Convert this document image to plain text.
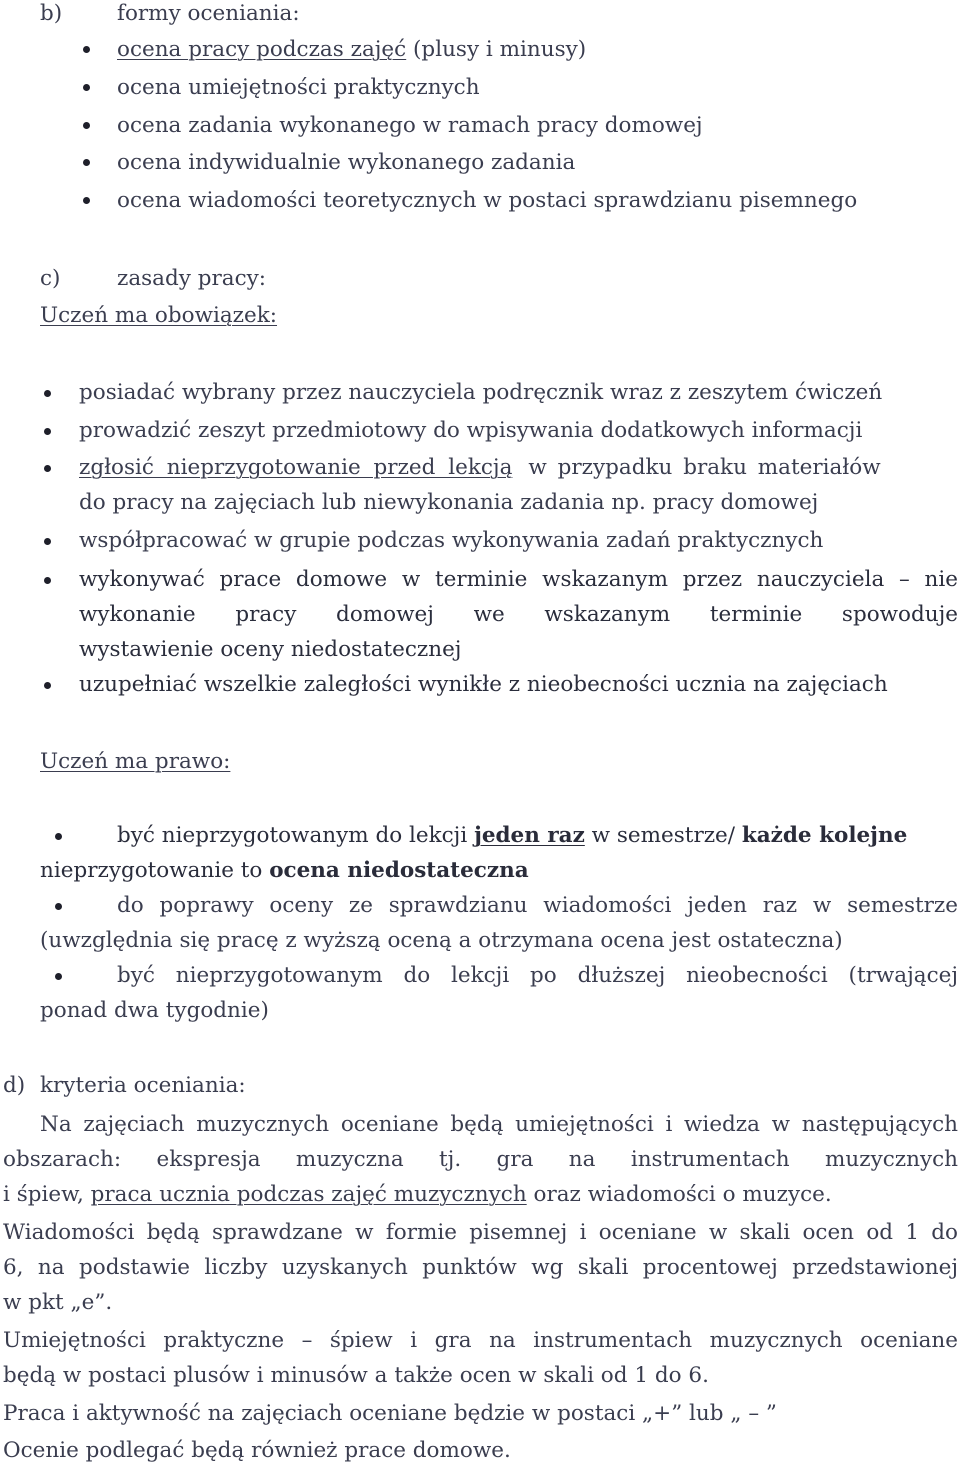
b)	formy oceniania:
ocena pracy podczas zajęć (plusy i minusy)
ocena umiejętności praktycznych
ocena zadania wykonanego w ramach pracy domowej
ocena indywidualnie wykonanego zadania
ocena wiadomości teoretycznych w postaci sprawdzianu pisemnego
c)	zasady pracy:
Uczeń ma obowiązek:
posiadać wybrany przez nauczyciela podręcznik wraz z zeszytem ćwiczeń
prowadzić zeszyt przedmiotowy do wpisywania dodatkowych informacji
zgłosić nieprzygotowanie przed lekcją w przypadku braku materiałów
do pracy na zajęciach lub niewykonania zadania np. pracy domowej
współpracować w grupie podczas wykonywania zadań praktycznych
wykonywać prace domowe w terminie wskazanym przez nauczyciela – nie
wykonanie pracy domowej we wskazanym terminie spowoduje
wystawienie oceny niedostatecznej
uzupełniać wszelkie zaległości wynikłe z nieobecności ucznia na zajęciach
Uczeń ma prawo:
być nieprzygotowanym do lekcji jeden raz w semestrze/ każde kolejne
nieprzygotowanie to ocena niedostateczna
do poprawy oceny ze sprawdzianu wiadomości jeden raz w semestrze
(uwzględnia się pracę z wyższą oceną a otrzymana ocena jest ostateczna)
być nieprzygotowanym do lekcji po dłuższej nieobecności (trwającej
ponad dwa tygodnie)
d) kryteria oceniania:
Na zajęciach muzycznych oceniane będą umiejętności i wiedza w następujących
obszarach: ekspresja muzyczna tj. gra na instrumentach muzycznych
i śpiew, praca ucznia podczas zajęć muzycznych oraz wiadomości o muzyce.
Wiadomości będą sprawdzane w formie pisemnej i oceniane w skali ocen od 1 do
6, na podstawie liczby uzyskanych punktów wg skali procentowej przedstawionej
w pkt „e”.
Umiejętności praktyczne – śpiew i gra na instrumentach muzycznych oceniane
będą w postaci plusów i minusów a także ocen w skali od 1 do 6.
Praca i aktywność na zajęciach oceniane będzie w postaci „+” lub „ – ”
Ocenie podlegać będą również prace domowe.
